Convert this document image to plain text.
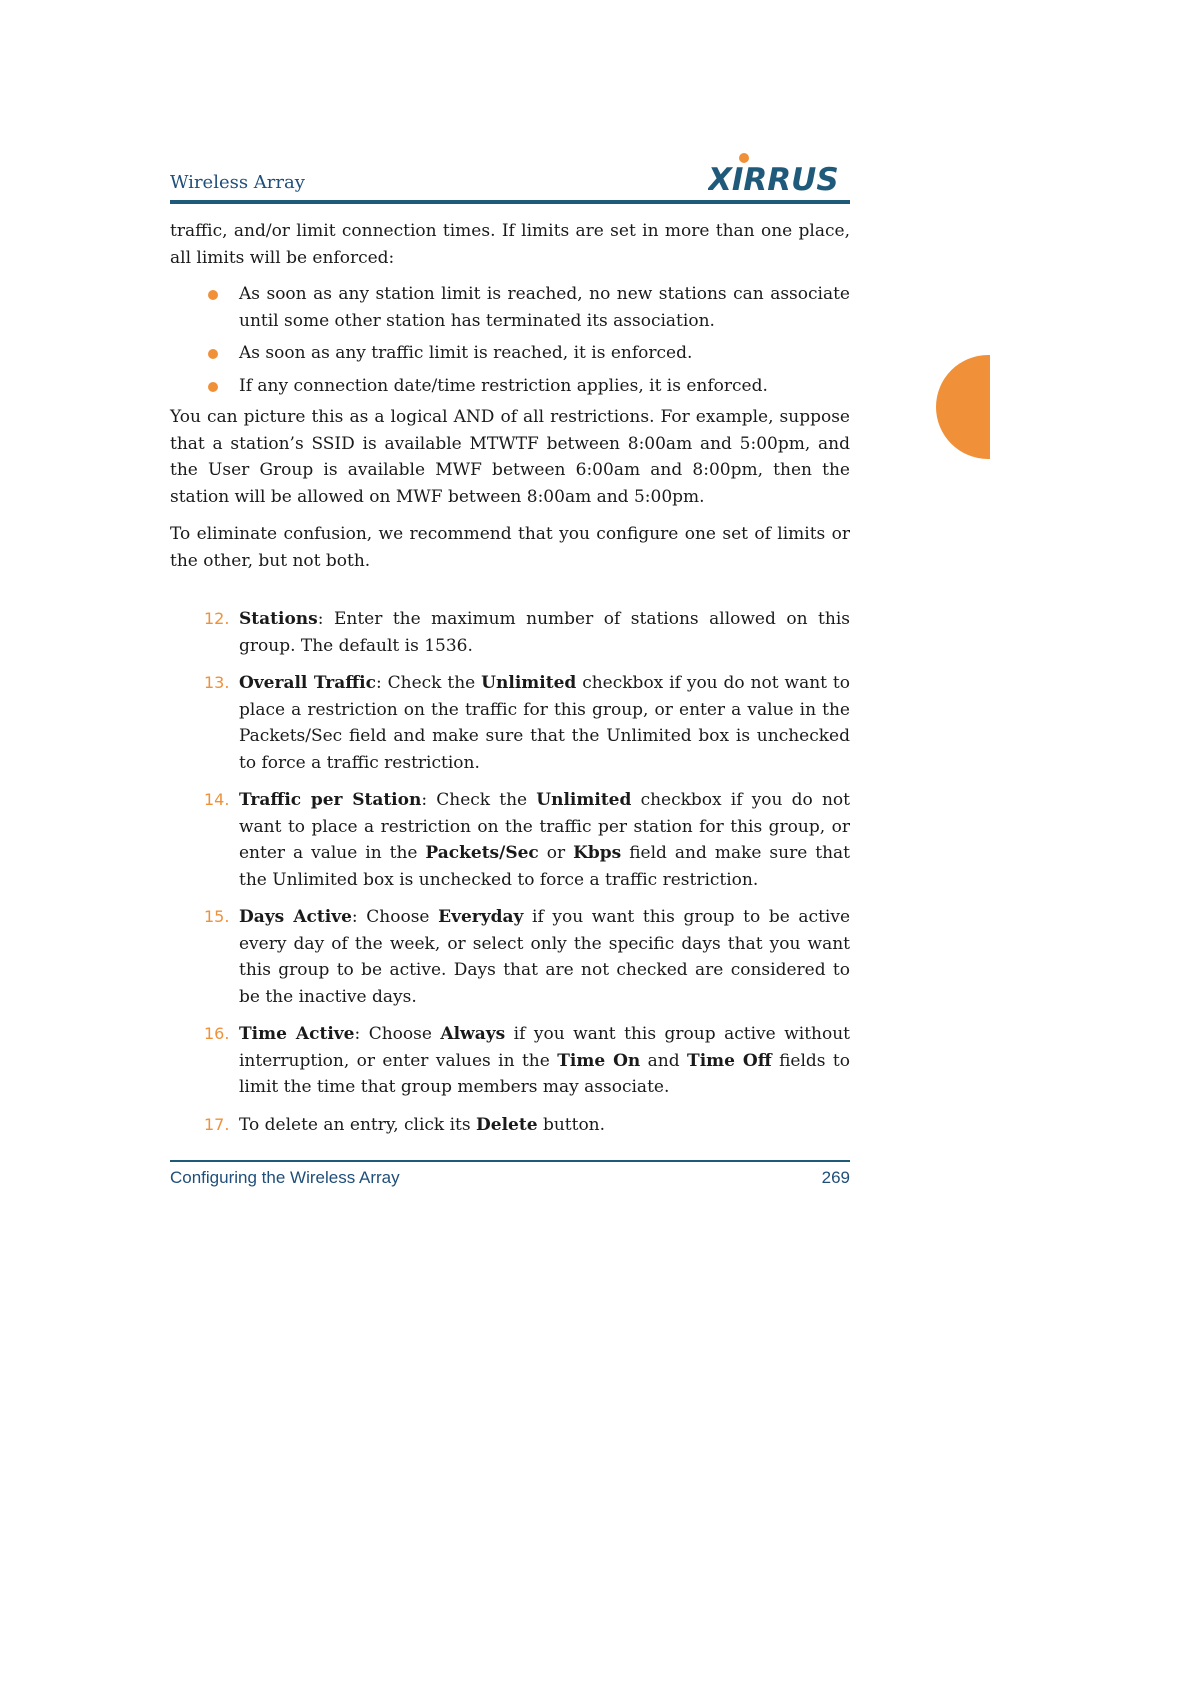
Wireless Array	XIRRUS
traffic, and/or limit connection times. If limits are set in more than one place, all limits will be enforced:
As soon as any station limit is reached, no new stations can associate until some other station has terminated its association.
As soon as any traffic limit is reached, it is enforced.
If any connection date/time restriction applies, it is enforced.
You can picture this as a logical AND of all restrictions. For example, suppose that a station’s SSID is available MTWTF between 8:00am and 5:00pm, and the User Group is available MWF between 6:00am and 8:00pm, then the station will be allowed on MWF between 8:00am and 5:00pm.
To eliminate confusion, we recommend that you configure one set of limits or the other, but not both.
12. Stations: Enter the maximum number of stations allowed on this group. The default is 1536.
13. Overall Traffic: Check the Unlimited checkbox if you do not want to place a restriction on the traffic for this group, or enter a value in the Packets/Sec field and make sure that the Unlimited box is unchecked to force a traffic restriction.
14. Traffic per Station: Check the Unlimited checkbox if you do not want to place a restriction on the traffic per station for this group, or enter a value in the Packets/Sec or Kbps field and make sure that the Unlimited box is unchecked to force a traffic restriction.
15. Days Active: Choose Everyday if you want this group to be active every day of the week, or select only the specific days that you want this group to be active. Days that are not checked are considered to be the inactive days.
16. Time Active: Choose Always if you want this group active without interruption, or enter values in the Time On and Time Off fields to limit the time that group members may associate.
17. To delete an entry, click its Delete button.
Configuring the Wireless Array	269
